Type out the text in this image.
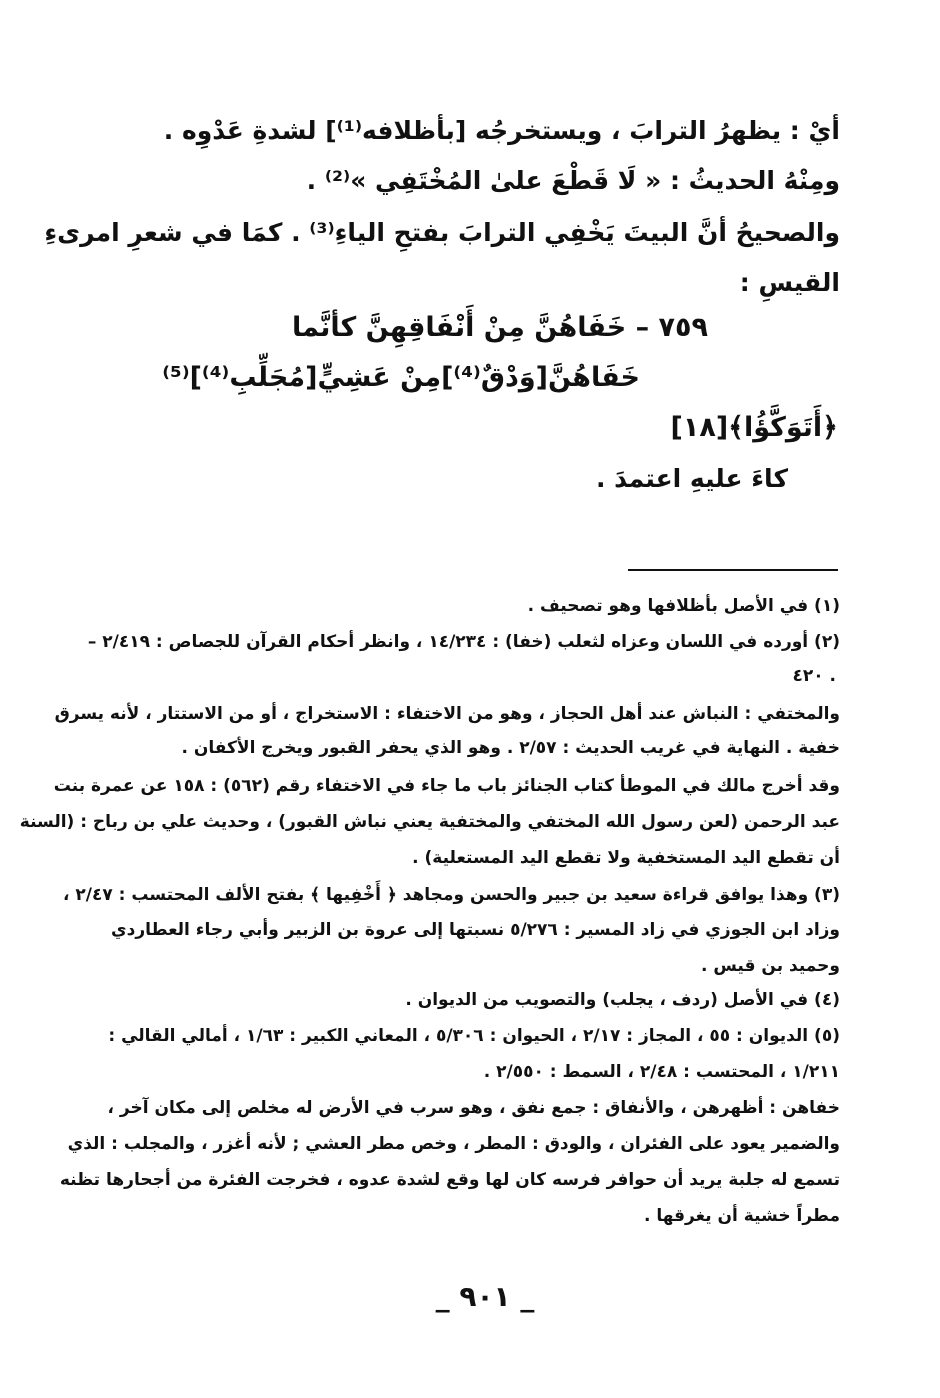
أيْ : يظهرُ الترابَ ، ويستخرجُه [بأظلافه⁽¹⁾] لشدةِ عَدْوِه .
ومِنْهُ الحديثُ : « لَا قَطْعَ علىٰ المُخْتَفِي »⁽²⁾ .
والصحيحُ أنَّ البيتَ يَخْفِي الترابَ بفتحِ الياءِ⁽³⁾ . كمَا في شعرِ امرىءِ
القيسِ :
٧٥٩ – خَفَاهُنَّ مِنْ أَنْفَاقِهِنَّ كأنَّما
خَفَاهُنَّ[وَدْقٌ⁽⁴⁾]مِنْ عَشِيٍّ[مُجَلِّبِ⁽⁴⁾]⁽⁵⁾
﴿أَتَوَكَّؤُا﴾[١٨]
كاءَ عليهِ اعتمدَ .
(١) في الأصل بأظلافها وهو تصحيف .
(٢) أورده في اللسان وعزاه لثعلب (خفا) : ١٤/٢٣٤ ، وانظر أحكام القرآن للجصاص : ٢/٤١٩ –
٤٢٠ .
والمختفي : النباش عند أهل الحجاز ، وهو من الاختفاء : الاستخراج ، أو من الاستتار ، لأنه يسرق
خفية . النهاية في غريب الحديث : ٢/٥٧ . وهو الذي يحفر القبور ويخرج الأكفان .
وقد أخرج مالك في الموطأ كتاب الجنائز باب ما جاء في الاختفاء رقم (٥٦٢) : ١٥٨ عن عمرة بنت
عبد الرحمن (لعن رسول الله المختفي والمختفية يعني نباش القبور) ، وحديث علي بن رباح : (السنة
أن تقطع اليد المستخفية ولا تقطع اليد المستعلية) .
(٣) وهذا يوافق قراءة سعيد بن جبير والحسن ومجاهد ﴿ أَخْفِيها ﴾ بفتح الألف المحتسب : ٢/٤٧ ،
وزاد ابن الجوزي في زاد المسير : ٥/٢٧٦ نسبتها إلى عروة بن الزبير وأبي رجاء العطاردي
وحميد بن قيس .
(٤) في الأصل (ردف ، يجلب) والتصويب من الديوان .
(٥) الديوان : ٥٥ ، المجاز : ٢/١٧ ، الحيوان : ٥/٣٠٦ ، المعاني الكبير : ١/٦٣ ، أمالي القالي :
١/٢١١ ، المحتسب : ٢/٤٨ ، السمط : ٢/٥٥٠ .
خفاهن : أظهرهن ، والأنفاق : جمع نفق ، وهو سرب في الأرض له مخلص إلى مكان آخر ،
والضمير يعود على الفئران ، والودق : المطر ، وخص مطر العشي ; لأنه أغزر ، والمجلب : الذي
تسمع له جلبة يريد أن حوافر فرسه كان لها وقع لشدة عدوه ، فخرجت الفئرة من أجحارها تظنه
مطراً خشية أن يغرقها .
_ ٩٠١ _
